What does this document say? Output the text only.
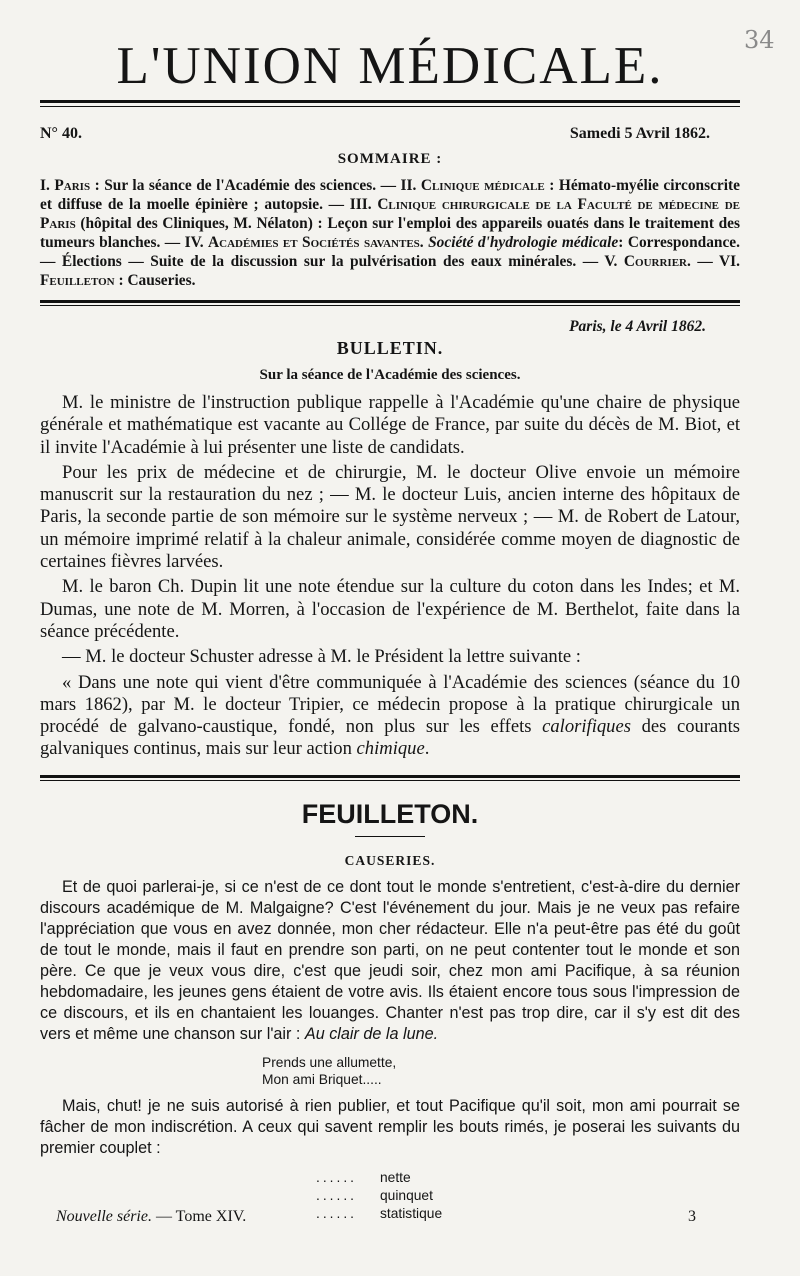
34
L'UNION MÉDICALE.
N° 40.	Samedi 5 Avril 1862.
SOMMAIRE :
I. Paris : Sur la séance de l'Académie des sciences. — II. Clinique médicale : Hémato-myélie circonscrite et diffuse de la moelle épinière ; autopsie. — III. Clinique chirurgicale de la Faculté de médecine de Paris (hôpital des Cliniques, M. Nélaton) : Leçon sur l'emploi des appareils ouatés dans le traitement des tumeurs blanches. — IV. Académies et Sociétés savantes. Société d'hydrologie médicale: Correspondance. — Élections — Suite de la discussion sur la pulvérisation des eaux minérales. — V. Courrier. — VI. Feuilleton : Causeries.
Paris, le 4 Avril 1862.
BULLETIN.
Sur la séance de l'Académie des sciences.

M. le ministre de l'instruction publique rappelle à l'Académie qu'une chaire de physique générale et mathématique est vacante au Collége de France, par suite du décès de M. Biot, et il invite l'Académie à lui présenter une liste de candidats.

Pour les prix de médecine et de chirurgie, M. le docteur Olive envoie un mémoire manuscrit sur la restauration du nez ; — M. le docteur Luis, ancien interne des hôpitaux de Paris, la seconde partie de son mémoire sur le système nerveux ; — M. de Robert de Latour, un mémoire imprimé relatif à la chaleur animale, considérée comme moyen de diagnostic de certaines fièvres larvées.

M. le baron Ch. Dupin lit une note étendue sur la culture du coton dans les Indes; et M. Dumas, une note de M. Morren, à l'occasion de l'expérience de M. Berthelot, faite dans la séance précédente.

— M. le docteur Schuster adresse à M. le Président la lettre suivante :

« Dans une note qui vient d'être communiquée à l'Académie des sciences (séance du 10 mars 1862), par M. le docteur Tripier, ce médecin propose à la pratique chirurgicale un procédé de galvano-caustique, fondé, non plus sur les effets calorifiques des courants galvaniques continus, mais sur leur action chimique.

FEUILLETON.
CAUSERIES.

Et de quoi parlerai-je, si ce n'est de ce dont tout le monde s'entretient, c'est-à-dire du dernier discours académique de M. Malgaigne? C'est l'événement du jour. Mais je ne veux pas refaire l'appréciation que vous en avez donnée, mon cher rédacteur. Elle n'a peut-être pas été du goût de tout le monde, mais il faut en prendre son parti, on ne peut contenter tout le monde et son père. Ce que je veux vous dire, c'est que jeudi soir, chez mon ami Pacifique, à sa réunion hebdomadaire, les jeunes gens étaient de votre avis. Ils étaient encore tous sous l'impression de ce discours, et ils en chantaient les louanges. Chanter n'est pas trop dire, car il s'y est dit des vers et même une chanson sur l'air : Au clair de la lune.

Prends une allumette,
Mon ami Briquet.....

Mais, chut! je ne suis autorisé à rien publier, et tout Pacifique qu'il soit, mon ami pourrait se fâcher de mon indiscrétion. A ceux qui savent remplir les bouts rimés, je poserai les suivants du premier couplet :

...... nette
...... quinquet
...... statistique
Nouvelle série. — Tome XIV.	3
